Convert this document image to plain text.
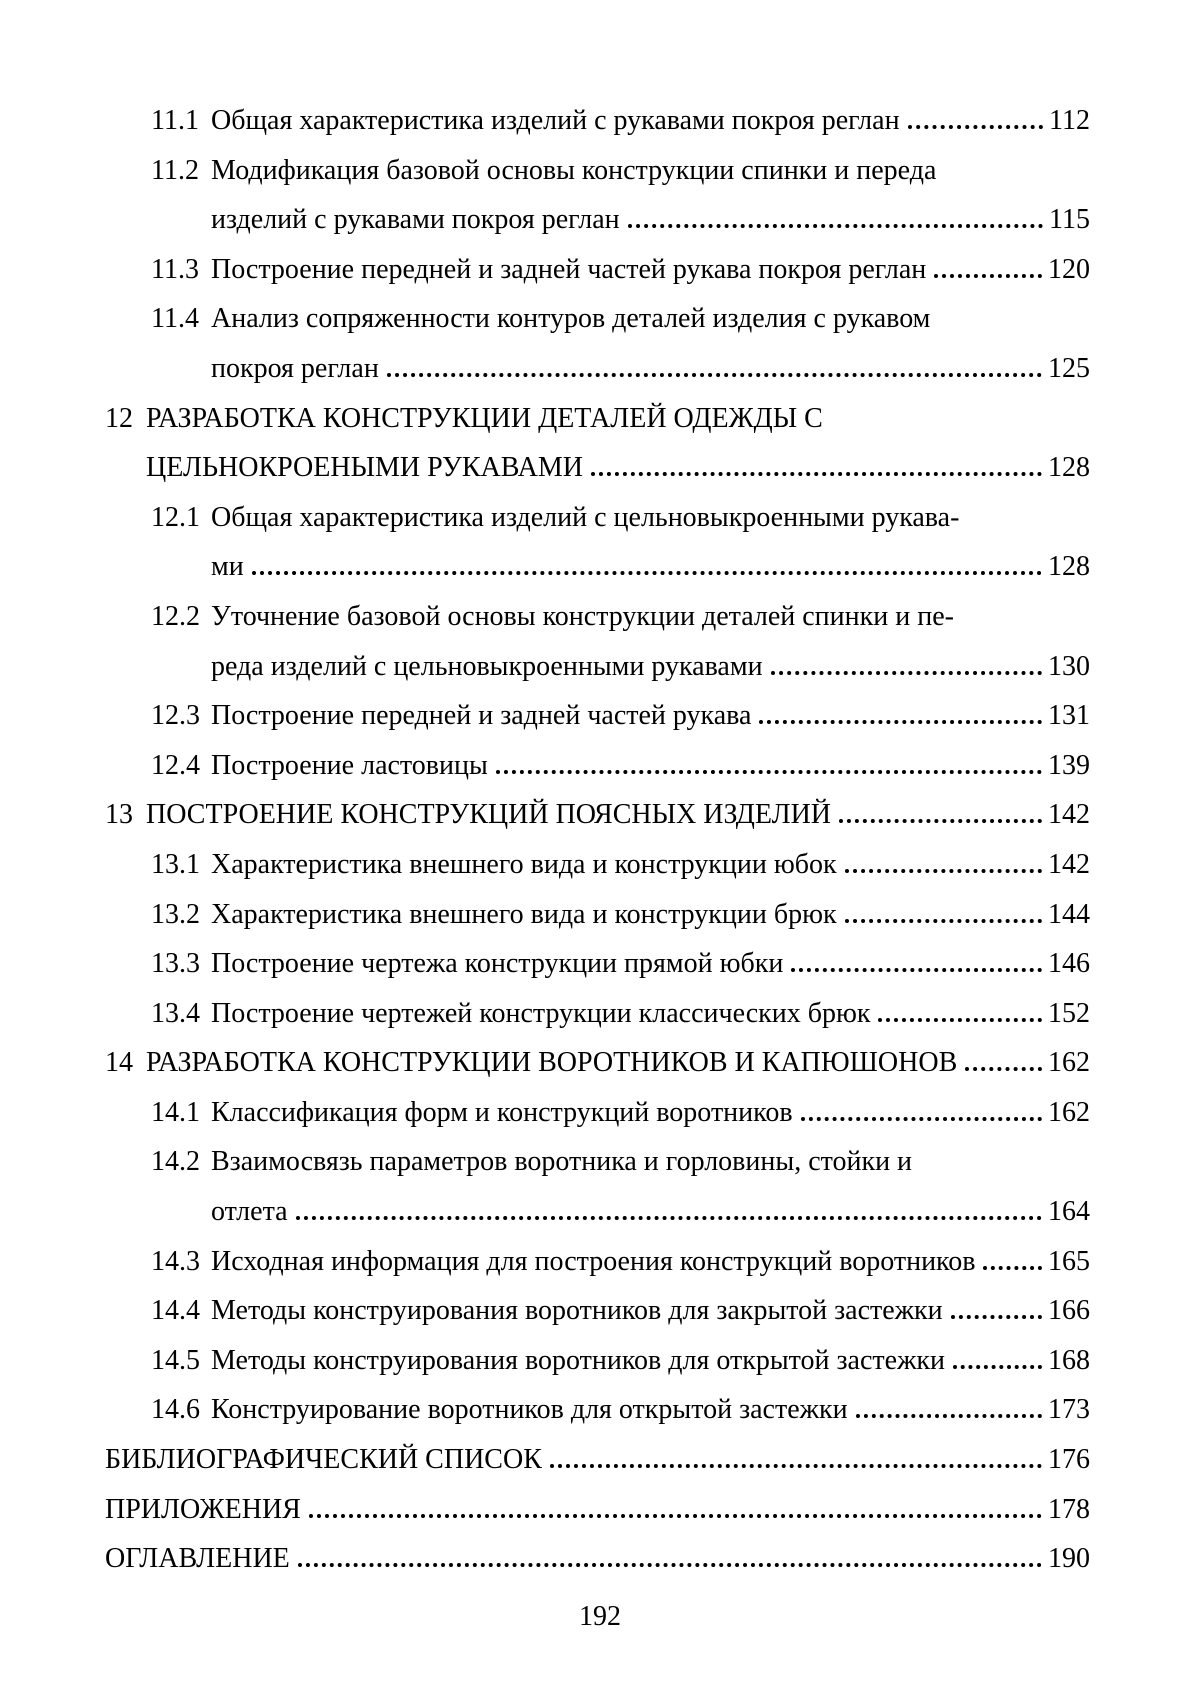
11.1 Общая характеристика изделий с рукавами покроя реглан	112
11.2 Модификация базовой основы конструкции спинки и переда
изделий с рукавами покроя реглан	115
11.3 Построение передней и задней частей рукава покроя реглан	120
11.4 Анализ сопряженности контуров деталей изделия с рукавом
покроя реглан	125
12 РАЗРАБОТКА КОНСТРУКЦИИ ДЕТАЛЕЙ ОДЕЖДЫ С
ЦЕЛЬНОКРОЕНЫМИ РУКАВАМИ	128
12.1 Общая характеристика изделий с цельновыкроенными рукава-
ми	128
12.2 Уточнение базовой основы конструкции деталей спинки и пе-
реда изделий с цельновыкроенными рукавами	130
12.3 Построение передней и задней частей рукава	131
12.4 Построение ластовицы	139
13 ПОСТРОЕНИЕ КОНСТРУКЦИЙ ПОЯСНЫХ ИЗДЕЛИЙ	142
13.1 Характеристика внешнего вида и конструкции юбок	142
13.2 Характеристика внешнего вида и конструкции брюк	144
13.3 Построение чертежа конструкции прямой юбки	146
13.4 Построение чертежей конструкции классических брюк	152
14 РАЗРАБОТКА КОНСТРУКЦИИ ВОРОТНИКОВ И КАПЮШОНОВ	162
14.1 Классификация форм и конструкций воротников	162
14.2 Взаимосвязь параметров воротника и горловины, стойки и
отлета	164
14.3 Исходная информация для построения конструкций воротников	165
14.4 Методы конструирования воротников для закрытой застежки	166
14.5 Методы конструирования воротников для открытой застежки	168
14.6 Конструирование воротников для открытой застежки	173
БИБЛИОГРАФИЧЕСКИЙ СПИСОК	176
ПРИЛОЖЕНИЯ	178
ОГЛАВЛЕНИЕ	190
192
